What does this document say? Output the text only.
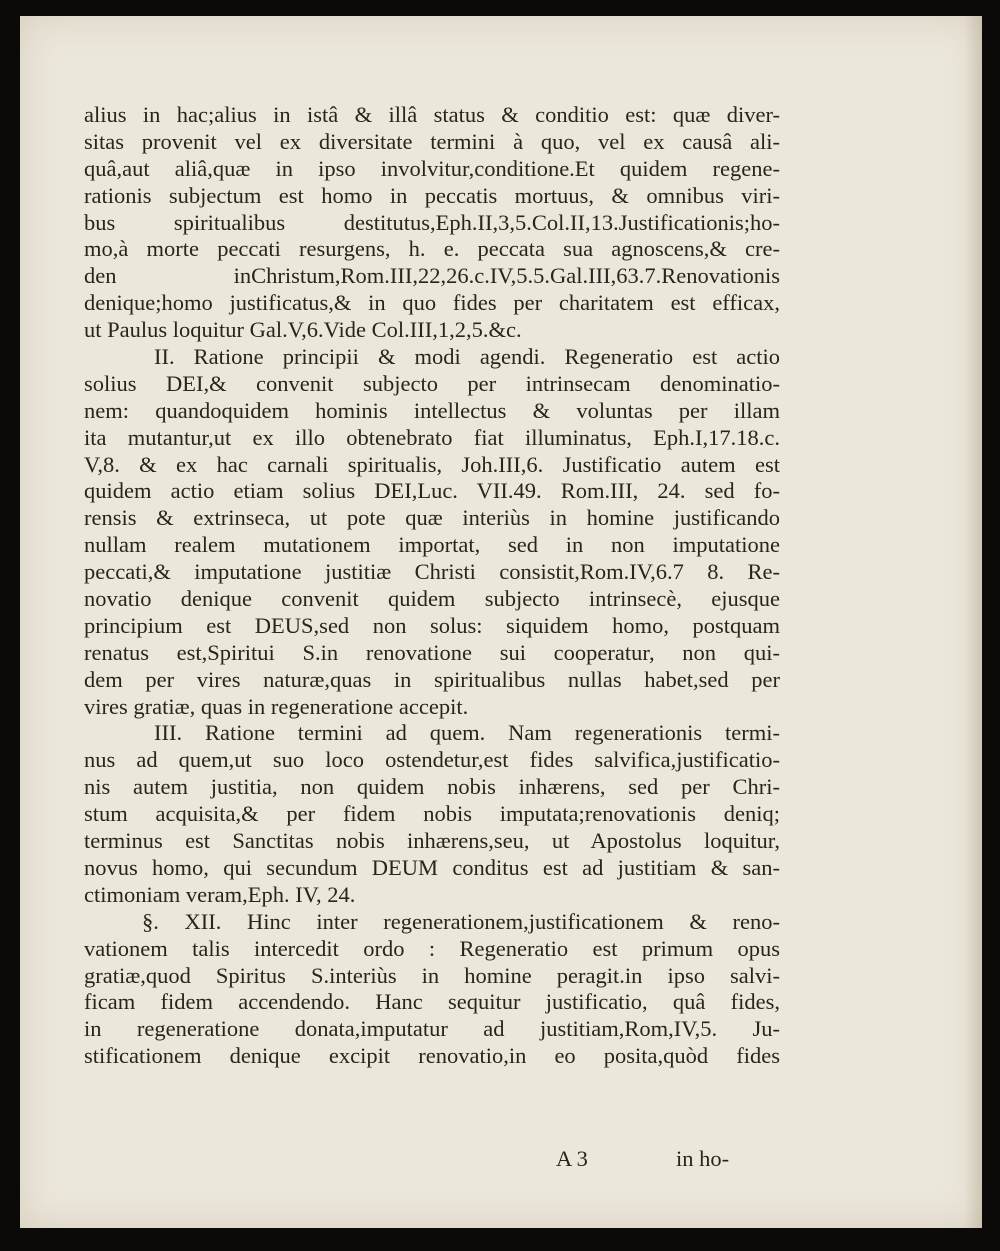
alius in hac;alius in istâ & illâ status & conditio est: quæ diver-
sitas provenit vel ex diversitate termini à quo, vel ex causâ ali-
quâ,aut aliâ,quæ in ipso involvitur,conditione.Et quidem regene-
rationis subjectum est homo in peccatis mortuus, & omnibus viri-
bus spiritualibus destitutus,Eph.II,3,5.Col.II,13.Justificationis;ho-
mo,à morte peccati resurgens, h. e. peccata sua agnoscens,& cre-
den inChristum,Rom.III,22,26.c.IV,5.5.Gal.III,63.7.Renovationis
denique;homo justificatus,& in quo fides per charitatem est efficax,
ut Paulus loquitur Gal.V,6.Vide Col.III,1,2,5.&c.
II. Ratione principii & modi agendi. Regeneratio est actio
solius DEI,& convenit subjecto per intrinsecam denominatio-
nem: quandoquidem hominis intellectus & voluntas per illam
ita mutantur,ut ex illo obtenebrato fiat illuminatus, Eph.I,17.18.c.
V,8. & ex hac carnali spiritualis, Joh.III,6. Justificatio autem est
quidem actio etiam solius DEI,Luc. VII.49. Rom.III, 24. sed fo-
rensis & extrinseca, ut pote quæ interiùs in homine justificando
nullam realem mutationem importat, sed in non imputatione
peccati,& imputatione justitiæ Christi consistit,Rom.IV,6.7 8. Re-
novatio denique convenit quidem subjecto intrinsecè, ejusque
principium est DEUS,sed non solus: siquidem homo, postquam
renatus est,Spiritui S.in renovatione sui cooperatur, non qui-
dem per vires naturæ,quas in spiritualibus nullas habet,sed per
vires gratiæ, quas in regeneratione accepit.
III. Ratione termini ad quem. Nam regenerationis termi-
nus ad quem,ut suo loco ostendetur,est fides salvifica,justificatio-
nis autem justitia, non quidem nobis inhærens, sed per Chri-
stum acquisita,& per fidem nobis imputata;renovationis deniq;
terminus est Sanctitas nobis inhærens,seu, ut Apostolus loquitur,
novus homo, qui secundum DEUM conditus est ad justitiam & san-
ctimoniam veram,Eph. IV, 24.
§. XII. Hinc inter regenerationem,justificationem & reno-
vationem talis intercedit ordo : Regeneratio est primum opus
gratiæ,quod Spiritus S.interiùs in homine peragit.in ipso salvi-
ficam fidem accendendo. Hanc sequitur justificatio, quâ fides,
in regeneratione donata,imputatur ad justitiam,Rom,IV,5. Ju-
stificationem denique excipit renovatio,in eo posita,quòd fides
A 3	in ho-
